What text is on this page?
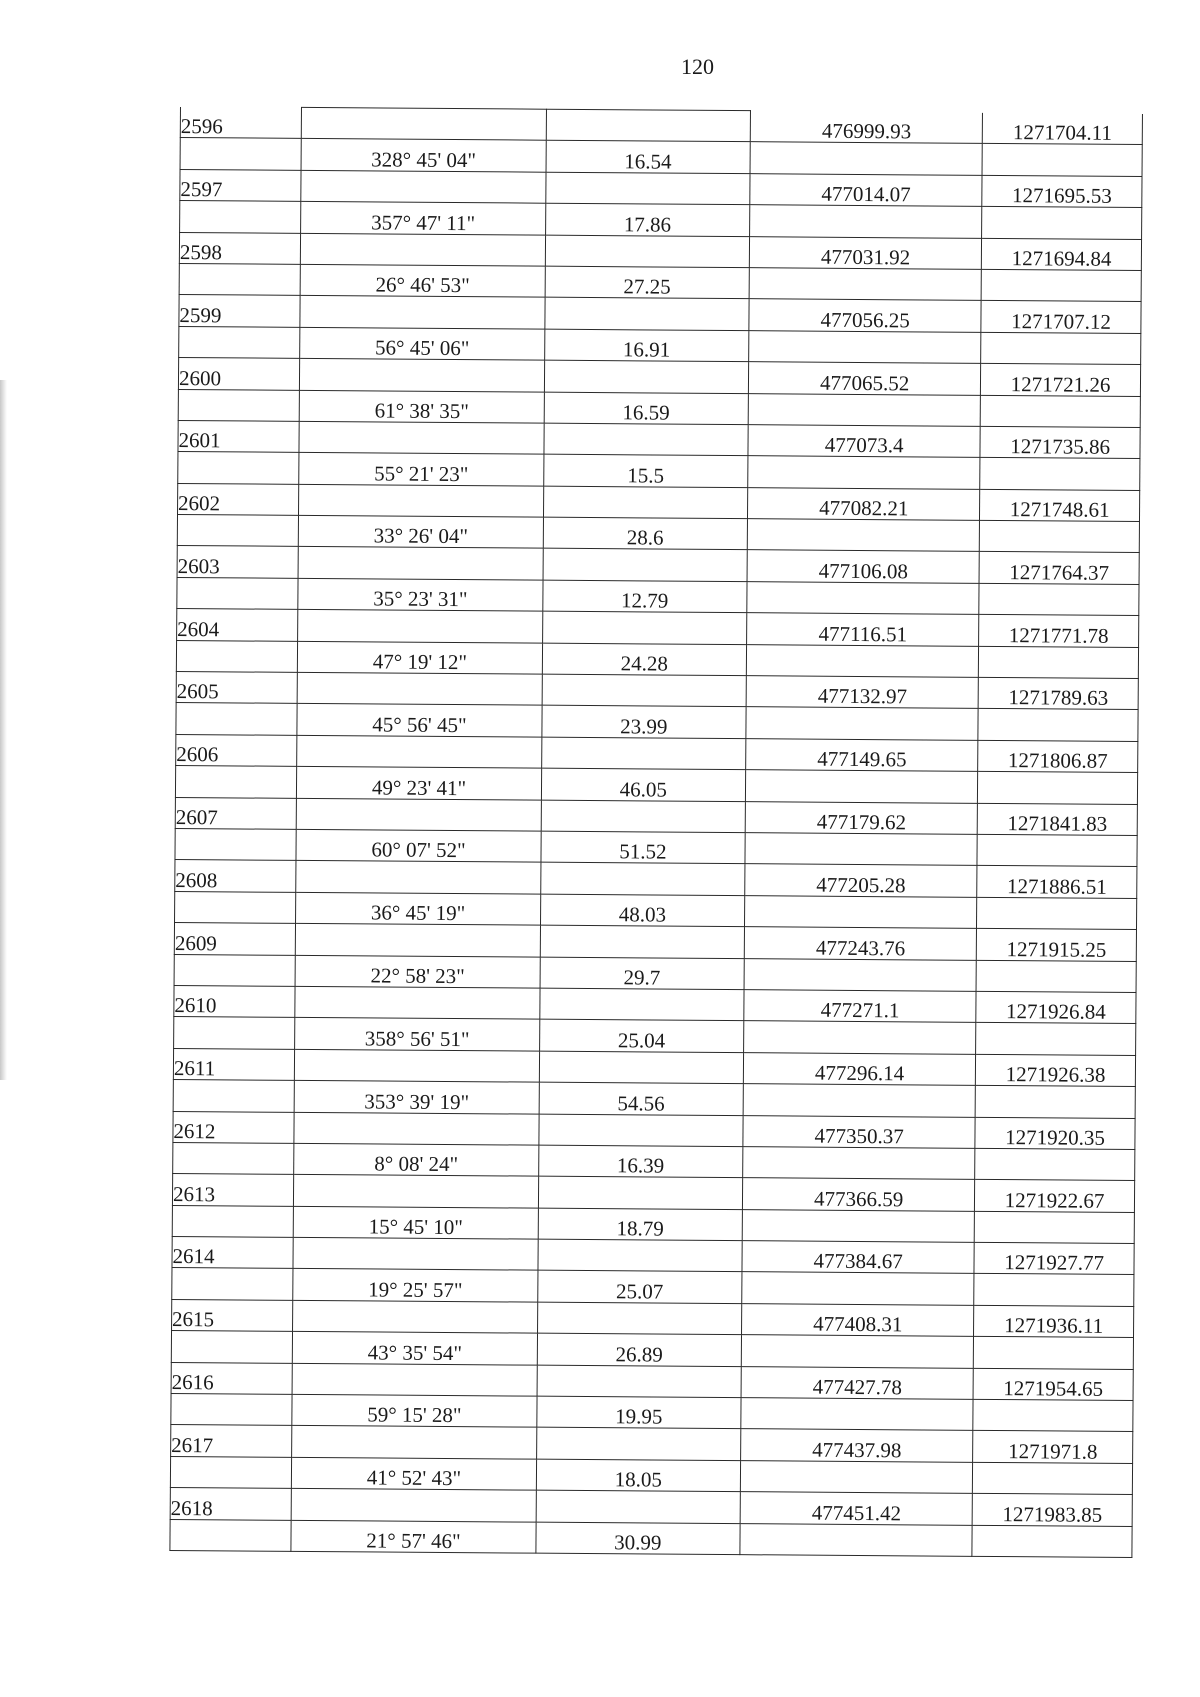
120
2596			476999.93	1271704.11
	328° 45' 04"	16.54		
2597			477014.07	1271695.53
	357° 47' 11"	17.86		
2598			477031.92	1271694.84
	26° 46' 53"	27.25		
2599			477056.25	1271707.12
	56° 45' 06"	16.91		
2600			477065.52	1271721.26
	61° 38' 35"	16.59		
2601			477073.4	1271735.86
	55° 21' 23"	15.5		
2602			477082.21	1271748.61
	33° 26' 04"	28.6		
2603			477106.08	1271764.37
	35° 23' 31"	12.79		
2604			477116.51	1271771.78
	47° 19' 12"	24.28		
2605			477132.97	1271789.63
	45° 56' 45"	23.99		
2606			477149.65	1271806.87
	49° 23' 41"	46.05		
2607			477179.62	1271841.83
	60° 07' 52"	51.52		
2608			477205.28	1271886.51
	36° 45' 19"	48.03		
2609			477243.76	1271915.25
	22° 58' 23"	29.7		
2610			477271.1	1271926.84
	358° 56' 51"	25.04		
2611			477296.14	1271926.38
	353° 39' 19"	54.56		
2612			477350.37	1271920.35
	8° 08' 24"	16.39		
2613			477366.59	1271922.67
	15° 45' 10"	18.79		
2614			477384.67	1271927.77
	19° 25' 57"	25.07		
2615			477408.31	1271936.11
	43° 35' 54"	26.89		
2616			477427.78	1271954.65
	59° 15' 28"	19.95		
2617			477437.98	1271971.8
	41° 52' 43"	18.05		
2618			477451.42	1271983.85
	21° 57' 46"	30.99		
